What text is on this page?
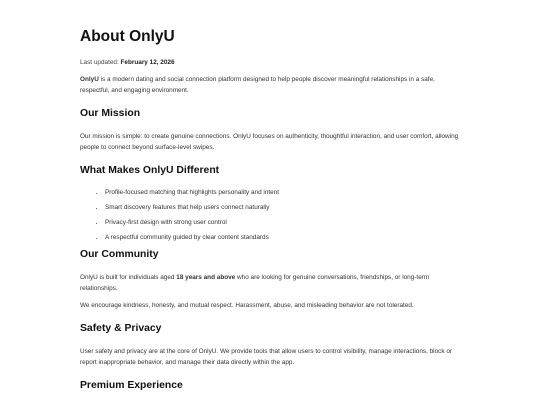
About OnlyU
Last updated: February 12, 2026

OnlyU is a modern dating and social connection platform designed to help people discover meaningful relationships in a safe, respectful, and engaging environment.

Our Mission

Our mission is simple: to create genuine connections. OnlyU focuses on authenticity, thoughtful interaction, and user comfort, allowing people to connect beyond surface-level swipes.

What Makes OnlyU Different
• Profile-focused matching that highlights personality and intent
• Smart discovery features that help users connect naturally
• Privacy-first design with strong user control
• A respectful community guided by clear content standards
Our Community

OnlyU is built for individuals aged 18 years and above who are looking for genuine conversations, friendships, or long-term relationships.

We encourage kindness, honesty, and mutual respect. Harassment, abuse, and misleading behavior are not tolerated.

Safety & Privacy

User safety and privacy are at the core of OnlyU. We provide tools that allow users to control visibility, manage interactions, block or report inappropriate behavior, and manage their data directly within the app.

Premium Experience
